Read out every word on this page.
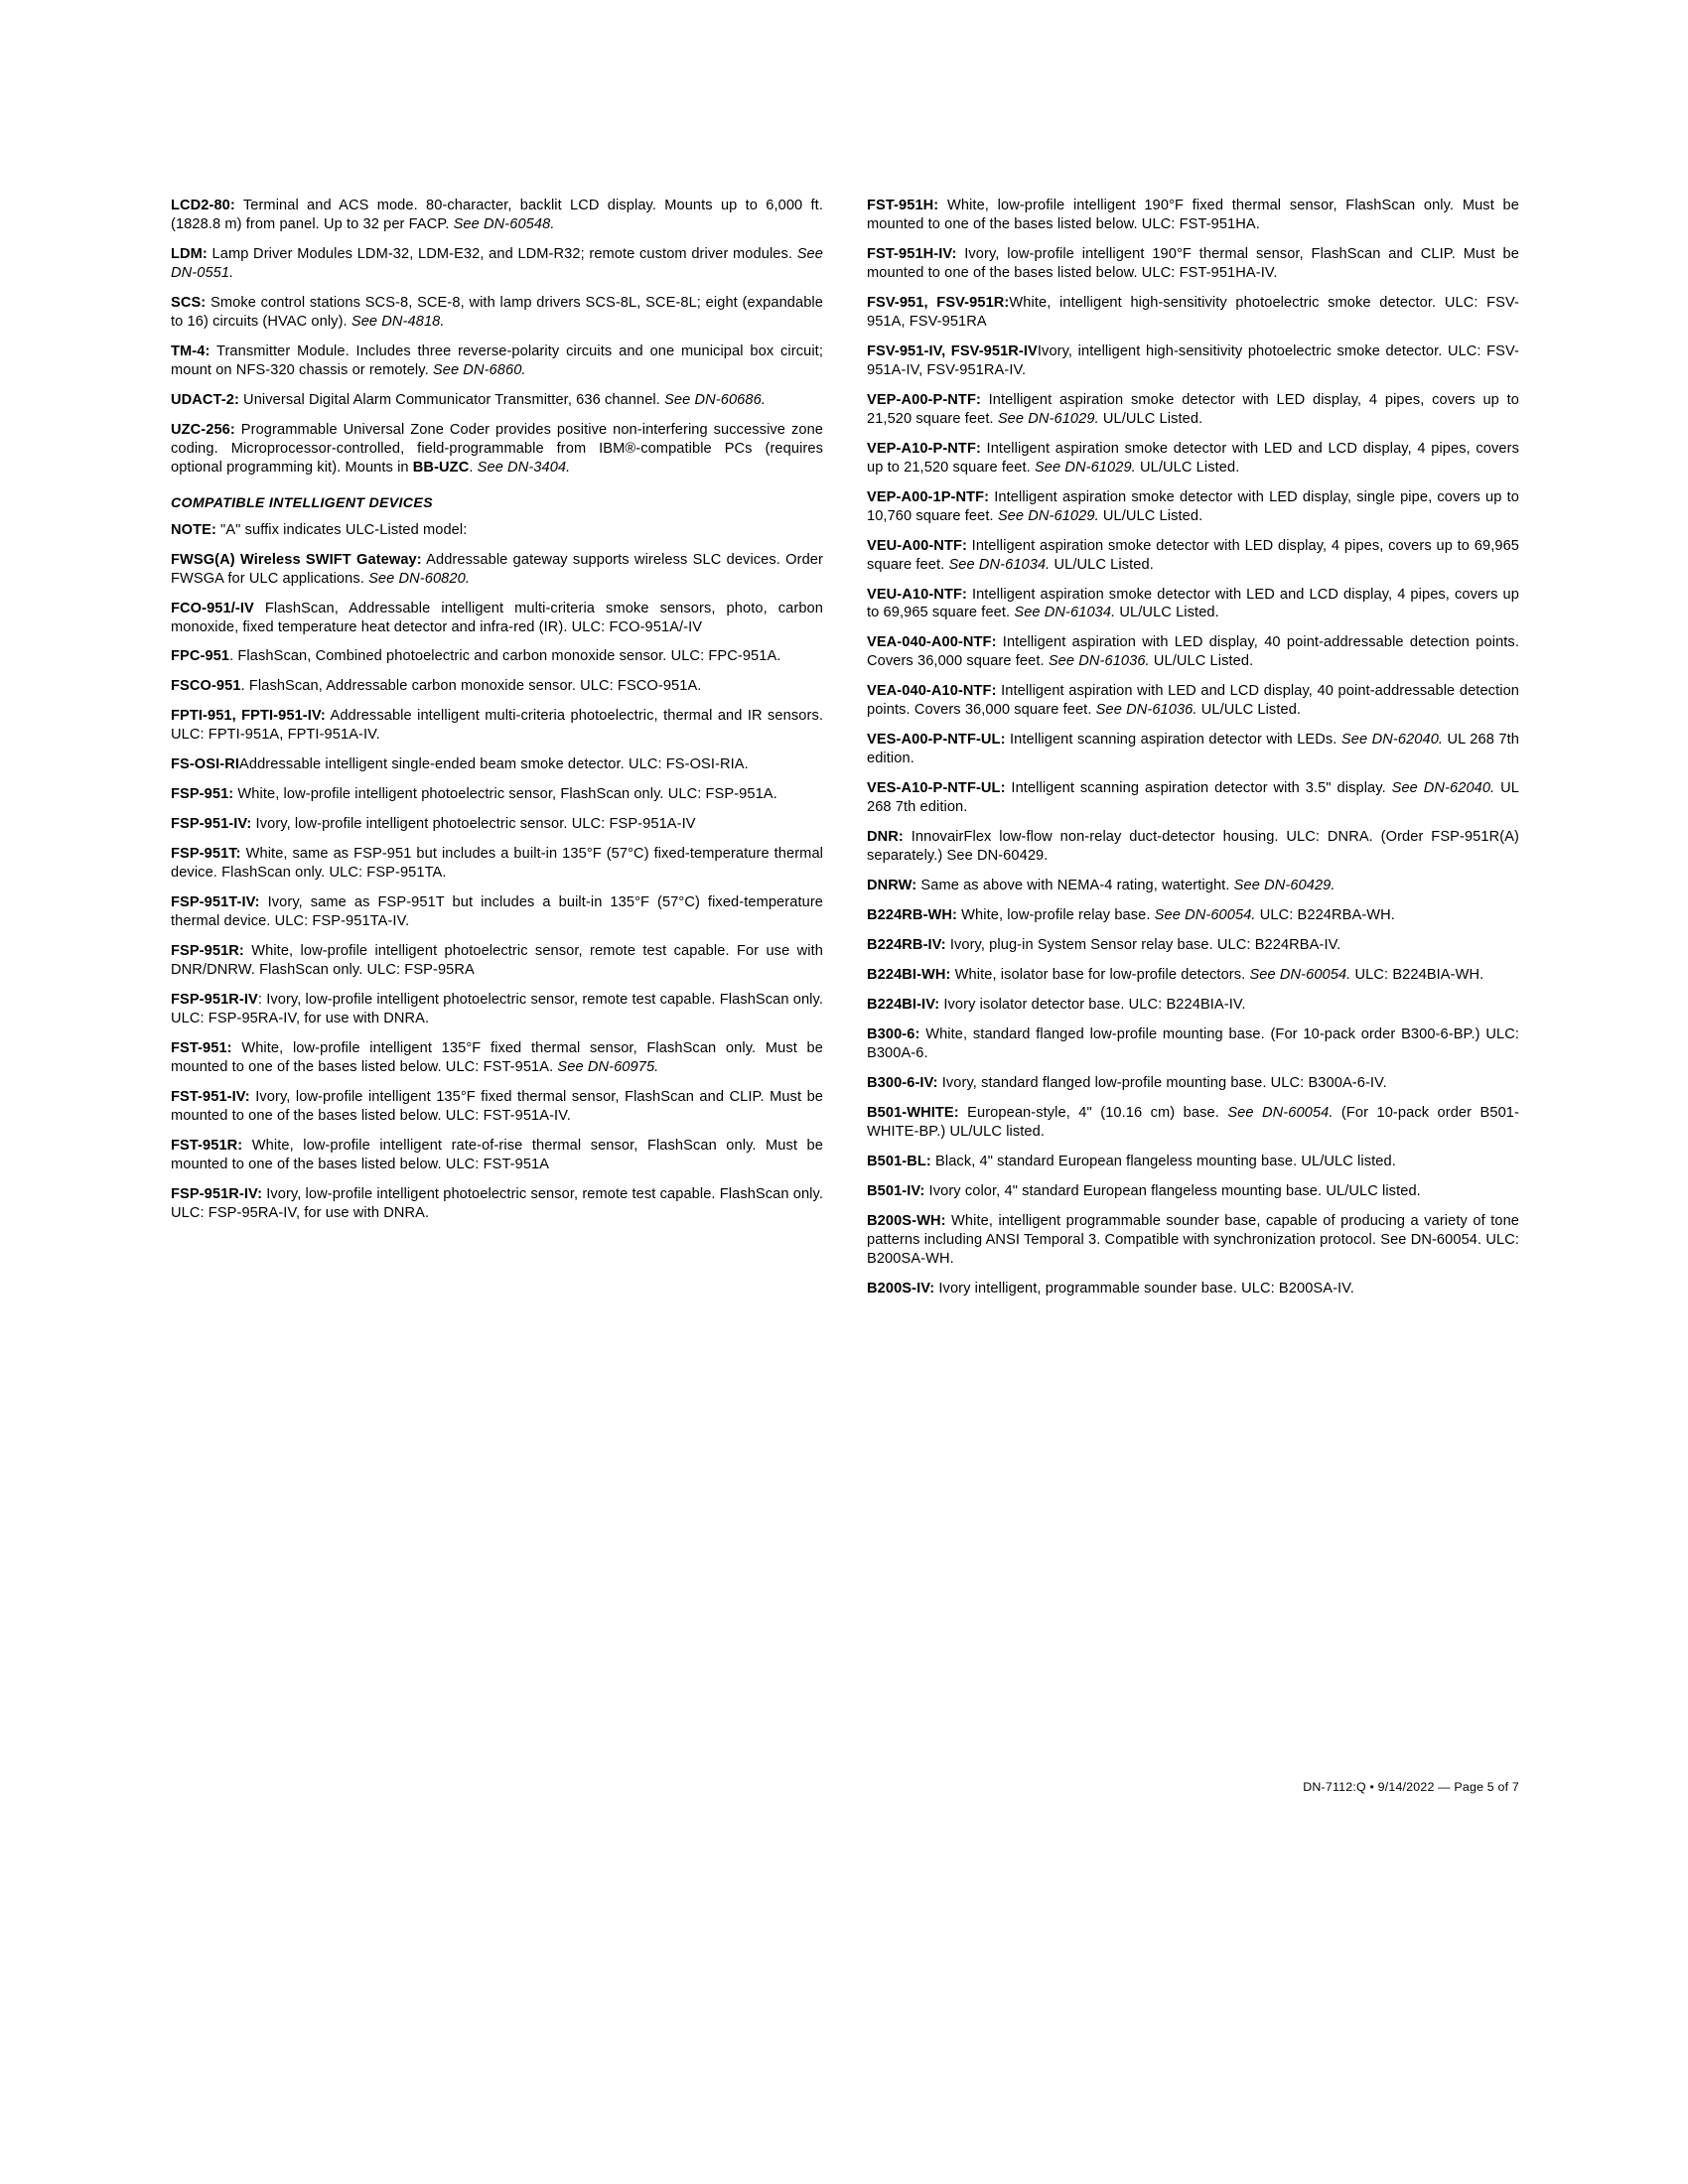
LCD2-80: Terminal and ACS mode. 80-character, backlit LCD display. Mounts up to 6,000 ft. (1828.8 m) from panel. Up to 32 per FACP. See DN-60548.

LDM: Lamp Driver Modules LDM-32, LDM-E32, and LDM-R32; remote custom driver modules. See DN-0551.

SCS: Smoke control stations SCS-8, SCE-8, with lamp drivers SCS-8L, SCE-8L; eight (expandable to 16) circuits (HVAC only). See DN-4818.

TM-4: Transmitter Module. Includes three reverse-polarity circuits and one municipal box circuit; mount on NFS-320 chassis or remotely. See DN-6860.

UDACT-2: Universal Digital Alarm Communicator Transmitter, 636 channel. See DN-60686.

UZC-256: Programmable Universal Zone Coder provides positive non-interfering successive zone coding. Microprocessor-controlled, field-programmable from IBM®-compatible PCs (requires optional programming kit). Mounts in BB-UZC. See DN-3404.

COMPATIBLE INTELLIGENT DEVICES

NOTE: "A" suffix indicates ULC-Listed model:

FWSG(A) Wireless SWIFT Gateway: Addressable gateway supports wireless SLC devices. Order FWSGA for ULC applications. See DN-60820.

FCO-951/-IV FlashScan, Addressable intelligent multi-criteria smoke sensors, photo, carbon monoxide, fixed temperature heat detector and infra-red (IR). ULC: FCO-951A/-IV

FPC-951. FlashScan, Combined photoelectric and carbon monoxide sensor. ULC: FPC-951A.

FSCO-951. FlashScan, Addressable carbon monoxide sensor. ULC: FSCO-951A.

FPTI-951, FPTI-951-IV: Addressable intelligent multi-criteria photoelectric, thermal and IR sensors. ULC: FPTI-951A, FPTI-951A-IV.

FS-OSI-RIAddressable intelligent single-ended beam smoke detector. ULC: FS-OSI-RIA.

FSP-951: White, low-profile intelligent photoelectric sensor, FlashScan only. ULC: FSP-951A.

FSP-951-IV: Ivory, low-profile intelligent photoelectric sensor. ULC: FSP-951A-IV

FSP-951T: White, same as FSP-951 but includes a built-in 135°F (57°C) fixed-temperature thermal device. FlashScan only. ULC: FSP-951TA.

FSP-951T-IV: Ivory, same as FSP-951T but includes a built-in 135°F (57°C) fixed-temperature thermal device. ULC: FSP-951TA-IV.

FSP-951R: White, low-profile intelligent photoelectric sensor, remote test capable. For use with DNR/DNRW. FlashScan only. ULC: FSP-95RA

FSP-951R-IV: Ivory, low-profile intelligent photoelectric sensor, remote test capable. FlashScan only. ULC: FSP-95RA-IV, for use with DNRA.

FST-951: White, low-profile intelligent 135°F fixed thermal sensor, FlashScan only. Must be mounted to one of the bases listed below. ULC: FST-951A. See DN-60975.

FST-951-IV: Ivory, low-profile intelligent 135°F fixed thermal sensor, FlashScan and CLIP. Must be mounted to one of the bases listed below. ULC: FST-951A-IV.

FST-951R: White, low-profile intelligent rate-of-rise thermal sensor, FlashScan only. Must be mounted to one of the bases listed below. ULC: FST-951A

FSP-951R-IV: Ivory, low-profile intelligent photoelectric sensor, remote test capable. FlashScan only. ULC: FSP-95RA-IV, for use with DNRA.

FST-951H: White, low-profile intelligent 190°F fixed thermal sensor, FlashScan only. Must be mounted to one of the bases listed below. ULC: FST-951HA.

FST-951H-IV: Ivory, low-profile intelligent 190°F thermal sensor, FlashScan and CLIP. Must be mounted to one of the bases listed below. ULC: FST-951HA-IV.

FSV-951, FSV-951R:White, intelligent high-sensitivity photoelectric smoke detector. ULC: FSV-951A, FSV-951RA

FSV-951-IV, FSV-951R-IVIvory, intelligent high-sensitivity photoelectric smoke detector. ULC: FSV-951A-IV, FSV-951RA-IV.

VEP-A00-P-NTF: Intelligent aspiration smoke detector with LED display, 4 pipes, covers up to 21,520 square feet. See DN-61029. UL/ULC Listed.

VEP-A10-P-NTF: Intelligent aspiration smoke detector with LED and LCD display, 4 pipes, covers up to 21,520 square feet. See DN-61029. UL/ULC Listed.

VEP-A00-1P-NTF: Intelligent aspiration smoke detector with LED display, single pipe, covers up to 10,760 square feet. See DN-61029. UL/ULC Listed.

VEU-A00-NTF: Intelligent aspiration smoke detector with LED display, 4 pipes, covers up to 69,965 square feet. See DN-61034. UL/ULC Listed.

VEU-A10-NTF: Intelligent aspiration smoke detector with LED and LCD display, 4 pipes, covers up to 69,965 square feet. See DN-61034. UL/ULC Listed.

VEA-040-A00-NTF: Intelligent aspiration with LED display, 40 point-addressable detection points. Covers 36,000 square feet. See DN-61036. UL/ULC Listed.

VEA-040-A10-NTF: Intelligent aspiration with LED and LCD display, 40 point-addressable detection points. Covers 36,000 square feet. See DN-61036. UL/ULC Listed.

VES-A00-P-NTF-UL: Intelligent scanning aspiration detector with LEDs. See DN-62040. UL 268 7th edition.

VES-A10-P-NTF-UL: Intelligent scanning aspiration detector with 3.5" display. See DN-62040. UL 268 7th edition.

DNR: InnovairFlex low-flow non-relay duct-detector housing. ULC: DNRA. (Order FSP-951R(A) separately.) See DN-60429.

DNRW: Same as above with NEMA-4 rating, watertight. See DN-60429.

B224RB-WH: White, low-profile relay base. See DN-60054. ULC: B224RBA-WH.

B224RB-IV: Ivory, plug-in System Sensor relay base. ULC: B224RBA-IV.

B224BI-WH: White, isolator base for low-profile detectors. See DN-60054. ULC: B224BIA-WH.

B224BI-IV: Ivory isolator detector base. ULC: B224BIA-IV.

B300-6: White, standard flanged low-profile mounting base. (For 10-pack order B300-6-BP.) ULC: B300A-6.

B300-6-IV: Ivory, standard flanged low-profile mounting base. ULC: B300A-6-IV.

B501-WHITE: European-style, 4" (10.16 cm) base. See DN-60054. (For 10-pack order B501-WHITE-BP.) UL/ULC listed.

B501-BL: Black, 4" standard European flangeless mounting base. UL/ULC listed.

B501-IV: Ivory color, 4" standard European flangeless mounting base. UL/ULC listed.

B200S-WH: White, intelligent programmable sounder base, capable of producing a variety of tone patterns including ANSI Temporal 3. Compatible with synchronization protocol. See DN-60054. ULC: B200SA-WH.

B200S-IV: Ivory intelligent, programmable sounder base. ULC: B200SA-IV.

DN-7112:Q • 9/14/2022 — Page 5 of 7
